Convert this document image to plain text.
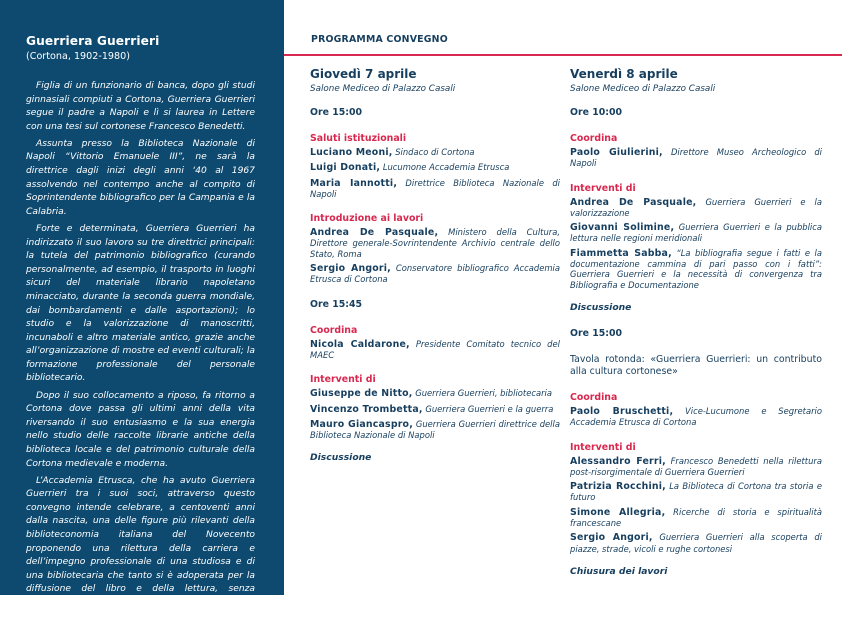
Guerriera Guerrieri
(Cortona, 1902-1980)

Figlia di un funzionario di banca, dopo gli studi ginnasiali compiuti a Cortona, Guerriera Guerrieri segue il padre a Napoli e lì si laurea in Lettere con una tesi sul cortonese Francesco Benedetti.

Assunta presso la Biblioteca Nazionale di Napoli “Vittorio Emanuele III”, ne sarà la direttrice dagli inizi degli anni ‘40 al 1967 assolvendo nel contempo anche al compito di Soprintendente bibliografico per la Campania e la Calabria.

Forte e determinata, Guerriera Guerrieri ha indirizzato il suo lavoro su tre direttrici principali: la tutela del patrimonio bibliografico (curando personalmente, ad esempio, il trasporto in luoghi sicuri del materiale librario napoletano minacciato, durante la seconda guerra mondiale, dai bombardamenti e dalle asportazioni); lo studio e la valorizzazione di manoscritti, incunaboli e altro materiale antico, grazie anche all’organizzazione di mostre ed eventi culturali; la formazione professionale del personale bibliotecario.

Dopo il suo collocamento a riposo, fa ritorno a Cortona dove passa gli ultimi anni della vita riversando il suo entusiasmo e la sua energia nello studio delle raccolte librarie antiche della biblioteca locale e del patrimonio culturale della Cortona medievale e moderna.

L’Accademia Etrusca, che ha avuto Guerriera Guerrieri tra i suoi soci, attraverso questo convegno intende celebrare, a centoventi anni dalla nascita, una delle figure più rilevanti della biblioteconomia italiana del Novecento proponendo una rilettura della carriera e dell’impegno professionale di una studiosa e di una bibliotecaria che tanto si è adoperata per la diffusione del libro e della lettura, senza trascurare il percorso di vita umano e familiare che non le ha fatto dimenticare le proprie origini e il legame con la città natìa.

PROGRAMMA CONVEGNO
Giovedì 7 aprile
Salone Mediceo di Palazzo Casali
Ore 15:00
Saluti istituzionali
Luciano Meoni, Sindaco di Cortona
Luigi Donati, Lucumone Accademia Etrusca
Maria Iannotti, Direttrice Biblioteca Nazionale di Napoli
Introduzione ai lavori
Andrea De Pasquale, Ministero della Cultura, Direttore generale-Sovrintendente Archivio centrale dello Stato, Roma
Sergio Angori, Conservatore bibliografico Accademia Etrusca di Cortona
Ore 15:45
Coordina
Nicola Caldarone, Presidente Comitato tecnico del MAEC
Interventi di
Giuseppe de Nitto, Guerriera Guerrieri, bibliotecaria
Vincenzo Trombetta, Guerriera Guerrieri e la guerra
Mauro Giancaspro, Guerriera Guerrieri direttrice della Biblioteca Nazionale di Napoli
Discussione
Venerdì 8 aprile
Salone Mediceo di Palazzo Casali
Ore 10:00
Coordina
Paolo Giulierini, Direttore Museo Archeologico di Napoli
Interventi di
Andrea De Pasquale, Guerriera Guerrieri e la valorizzazione
Giovanni Solimine, Guerriera Guerrieri e la pubblica lettura nelle regioni meridionali
Fiammetta Sabba, “La bibliografia segue i fatti e la documentazione cammina di pari passo con i fatti”: Guerriera Guerrieri e la necessità di convergenza tra Bibliografia e Documentazione
Discussione
Ore 15:00
Tavola rotonda: «Guerriera Guerrieri: un contributo alla cultura cortonese»
Coordina
Paolo Bruschetti, Vice-Lucumone e Segretario Accademia Etrusca di Cortona
Interventi di
Alessandro Ferri, Francesco Benedetti nella rilettura post-risorgimentale di Guerriera Guerrieri
Patrizia Rocchini, La Biblioteca di Cortona tra storia e futuro
Simone Allegria, Ricerche di storia e spiritualità francescane
Sergio Angori, Guerriera Guerrieri alla scoperta di piazze, strade, vicoli e rughe cortonesi
Chiusura dei lavori
